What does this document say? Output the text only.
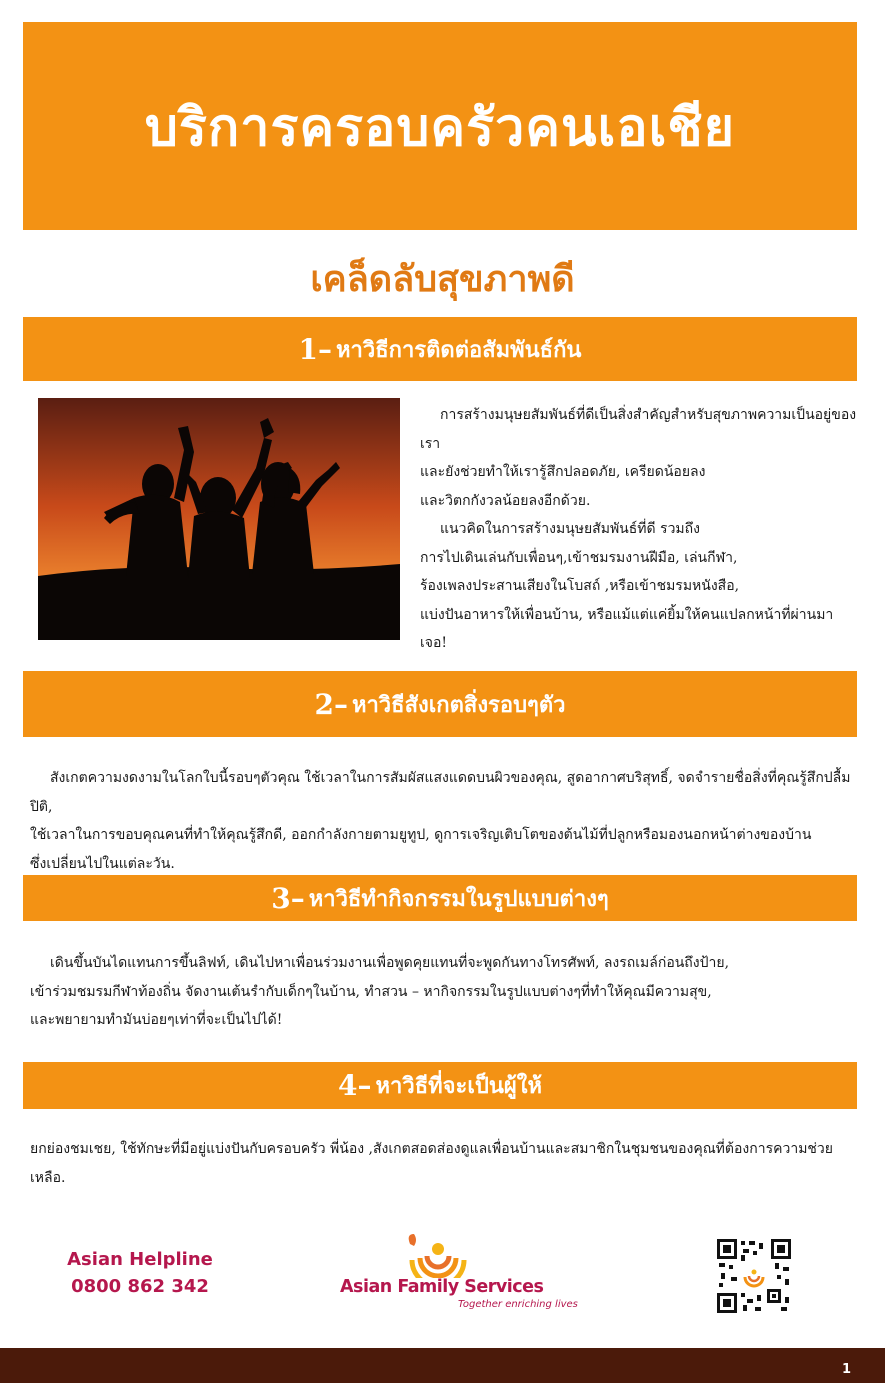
บริการครอบครัวคนเอเชีย
เคล็ดลับสุขภาพดี
1– หาวิธีการติดต่อสัมพันธ์กัน

การสร้างมนุษยสัมพันธ์ที่ดีเป็นสิ่งสำคัญสำหรับสุขภาพความเป็นอยู่ของเรา

และยังช่วยทำให้เรารู้สึกปลอดภัย, เครียดน้อยลง

และวิตกกังวลน้อยลงอีกด้วย.

แนวคิดในการสร้างมนุษยสัมพันธ์ที่ดี รวมถึง

การไปเดินเล่นกับเพื่อนๆ,เข้าชมรมงานฝีมือ, เล่นกีฬา,

ร้องเพลงประสานเสียงในโบสถ์ ,หรือเข้าชมรมหนังสือ,

แบ่งปันอาหารให้เพื่อนบ้าน, หรือแม้แต่แค่ยิ้มให้คนแปลกหน้าที่ผ่านมาเจอ!

2– หาวิธีสังเกตสิ่งรอบๆตัว

สังเกตความงดงามในโลกใบนี้รอบๆตัวคุณ ใช้เวลาในการสัมผัสแสงแดดบนผิวของคุณ, สูดอากาศบริสุทธิ์, จดจำรายชื่อสิ่งที่คุณรู้สึกปลื้มปิติ,

ใช้เวลาในการขอบคุณคนที่ทำให้คุณรู้สึกดี, ออกกำลังกายตามยูทูป, ดูการเจริญเติบโตของต้นไม้ที่ปลูกหรือมองนอกหน้าต่างของบ้าน

ซึ่งเปลี่ยนไปในแต่ละวัน.

3– หาวิธีทำกิจกรรมในรูปแบบต่างๆ

เดินขึ้นบันไดแทนการขึ้นลิฟท์, เดินไปหาเพื่อนร่วมงานเพื่อพูดคุยแทนที่จะพูดกันทางโทรศัพท์, ลงรถเมล์ก่อนถึงป้าย,

เข้าร่วมชมรมกีฬาท้องถิ่น จัดงานเต้นรำกับเด็กๆในบ้าน, ทำสวน – หากิจกรรมในรูปแบบต่างๆที่ทำให้คุณมีความสุข,

และพยายามทำมันบ่อยๆเท่าที่จะเป็นไปได้!

4– หาวิธีที่จะเป็นผู้ให้

ยกย่องชมเชย, ใช้ทักษะที่มีอยู่แบ่งปันกับครอบครัว พี่น้อง ,สังเกตสอดส่องดูแลเพื่อนบ้านและสมาชิกในชุมชนของคุณที่ต้องการความช่วยเหลือ.

Asian Helpline
0800 862 342	Asian Family Services
Together enriching lives
1
